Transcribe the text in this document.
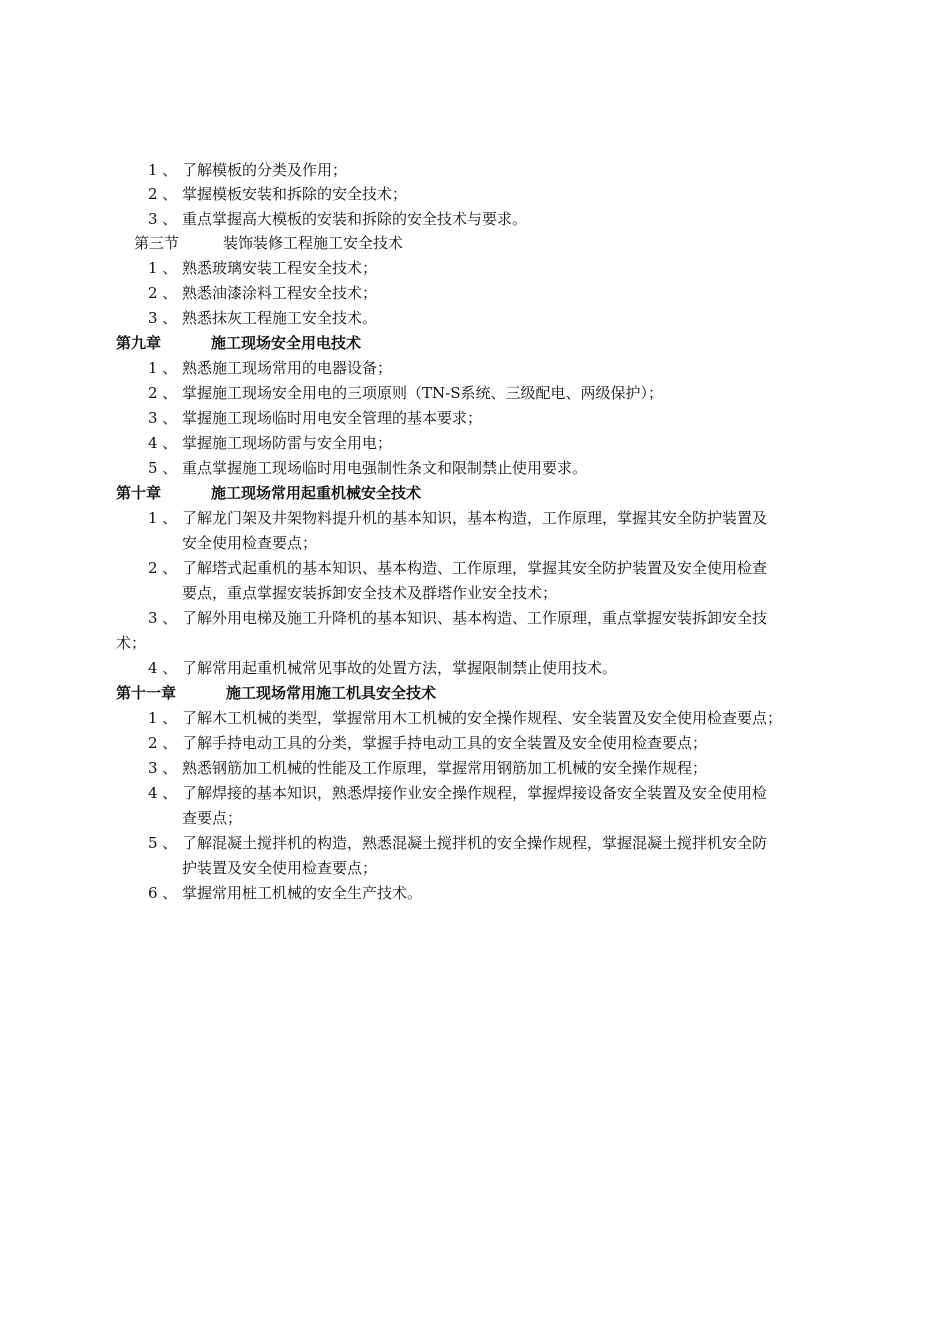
1 、 了解模板的分类及作用；
2 、 掌握模板安装和拆除的安全技术；
3 、 重点掌握高大模板的安装和拆除的安全技术与要求。
第三节	装饰装修工程施工安全技术
1 、 熟悉玻璃安装工程安全技术；
2 、 熟悉油漆涂料工程安全技术；
3 、 熟悉抹灰工程施工安全技术。
第九章	施工现场安全用电技术
1 、 熟悉施工现场常用的电器设备；
2 、 掌握施工现场安全用电的三项原则（TN-S系统、三级配电、两级保护）；
3 、 掌握施工现场临时用电安全管理的基本要求；
4 、 掌握施工现场防雷与安全用电；
5 、 重点掌握施工现场临时用电强制性条文和限制禁止使用要求。
第十章	施工现场常用起重机械安全技术
1 、 了解龙门架及井架物料提升机的基本知识，基本构造，工作原理，掌握其安全防护装置及
安全使用检查要点；
2 、 了解塔式起重机的基本知识、基本构造、工作原理，掌握其安全防护装置及安全使用检查
要点，重点掌握安装拆卸安全技术及群塔作业安全技术；
3 、 了解外用电梯及施工升降机的基本知识、基本构造、工作原理，重点掌握安装拆卸安全技
术；
4 、 了解常用起重机械常见事故的处置方法，掌握限制禁止使用技术。
第十一章	施工现场常用施工机具安全技术
1 、 了解木工机械的类型，掌握常用木工机械的安全操作规程、安全装置及安全使用检查要点；
2 、 了解手持电动工具的分类，掌握手持电动工具的安全装置及安全使用检查要点；
3 、 熟悉钢筋加工机械的性能及工作原理，掌握常用钢筋加工机械的安全操作规程；
4 、 了解焊接的基本知识，熟悉焊接作业安全操作规程，掌握焊接设备安全装置及安全使用检
查要点；
5 、 了解混凝土搅拌机的构造，熟悉混凝土搅拌机的安全操作规程，掌握混凝土搅拌机安全防
护装置及安全使用检查要点；
6 、 掌握常用桩工机械的安全生产技术。
